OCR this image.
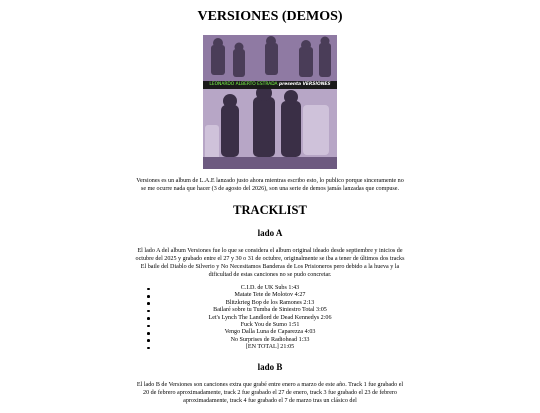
VERSIONES (DEMOS)
LEONARDO ALBERTO ESTRADA presenta VERSIONES

Versiones es un album de L.A.E lanzado justo ahora mientras escribo esto, lo publico porque sinceramente no se me ocurre nada que hacer (3 de agosto del 2026), son una serie de demos jamás lanzadas que compuse.

TRACKLIST
lado A

El lado A del album Versiones fue lo que se considera el album original ideado desde septiembre y inicios de octubre del 2025 y grabado entre el 27 y 30 o 31 de octubre, originalmente se iba a tener de últimos dos tracks El baile del Diablo de Silverio y No Necesitamos Banderas de Los Prisioneros pero debido a la hueva y la dificultad de estas canciones no se pudo concretar.

C.I.D. de UK Subs 1:43
Matate Tete de Molotov 4:27
Blitzkrieg Bop de los Ramones 2:13
Bailaré sobre tu Tumba de Siniestro Total 3:05
Let's Lynch The Landlord de Dead Kennedys 2:06
Fuck You de Sumo 1:51
Vengo Dalla Luna de Caparezza 4:03
No Surprises de Radiohead 1:33
[EN TOTAL] 21:05
lado B

El lado B de Versiones son canciones extra que grabé entre enero a marzo de este año. Track 1 fue grabado el 20 de febrero aproximadamente, track 2 fue grabado el 27 de enero, track 3 fue grabado el 23 de febrero aproximadamente, track 4 fue grabado el 7 de marzo tras un clásico del
